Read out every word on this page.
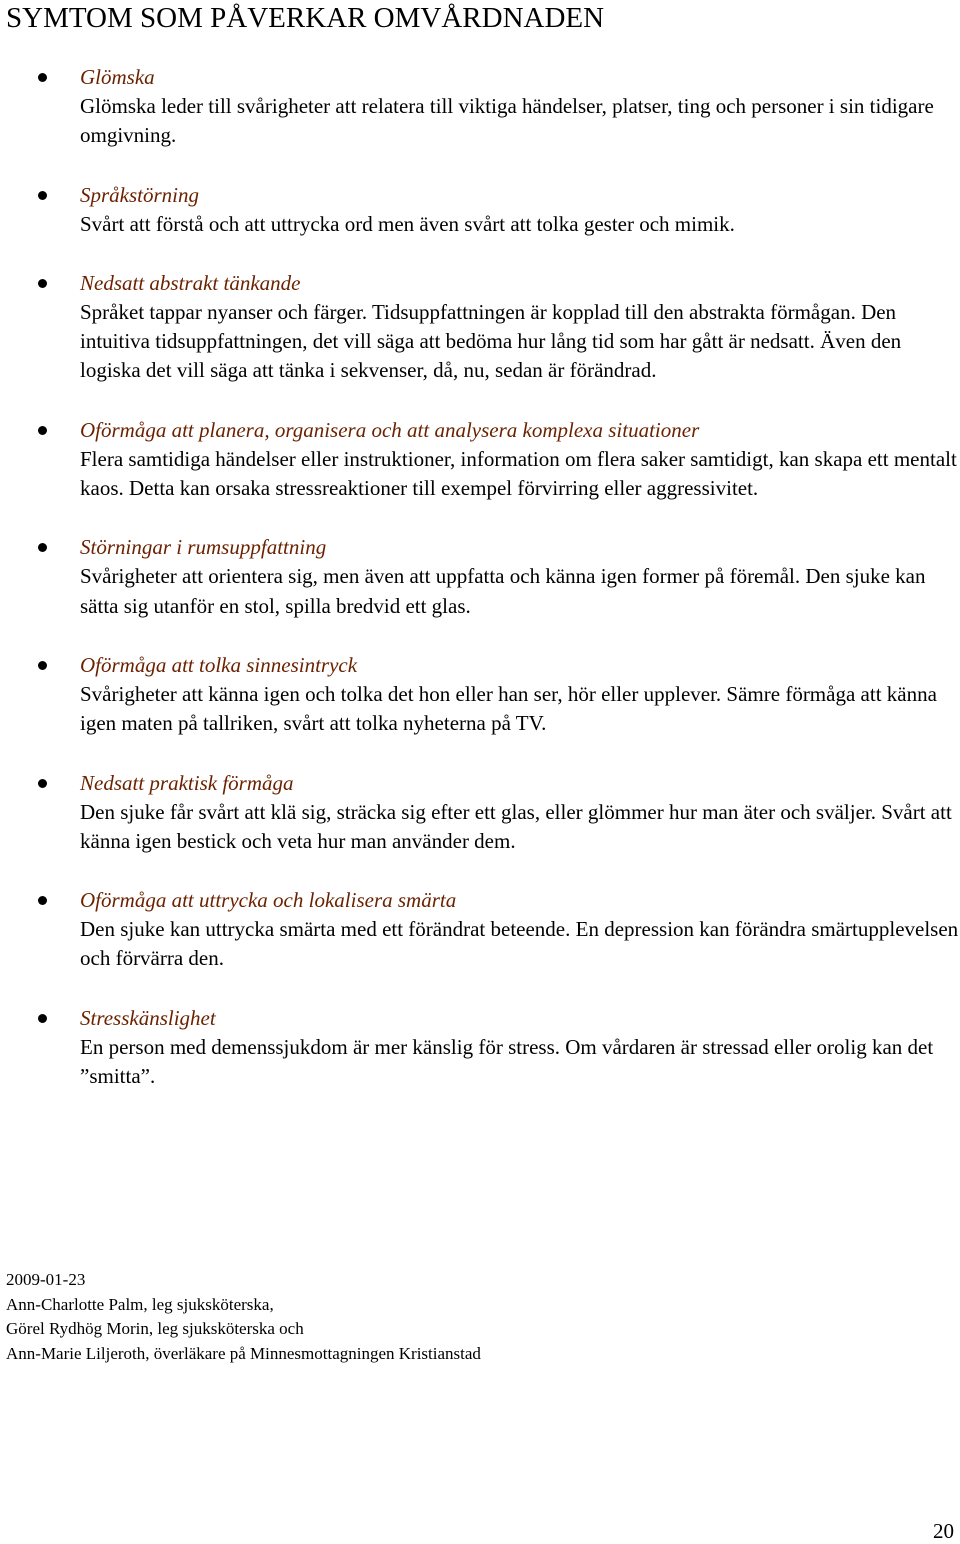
SYMTOM SOM PÅVERKAR OMVÅRDNADEN
Glömska
Glömska leder till svårigheter att relatera till viktiga händelser, platser, ting och personer i sin tidigare omgivning.
Språkstörning
Svårt att förstå och att uttrycka ord men även svårt att tolka gester och mimik.
Nedsatt abstrakt tänkande
Språket tappar nyanser och färger. Tidsuppfattningen är kopplad till den abstrakta förmågan. Den intuitiva tidsuppfattningen, det vill säga att bedöma hur lång tid som har gått är nedsatt. Även den logiska det vill säga att tänka i sekvenser, då, nu, sedan är förändrad.
Oförmåga att planera, organisera och att analysera komplexa situationer
Flera samtidiga händelser eller instruktioner, information om flera saker samtidigt, kan skapa ett mentalt kaos. Detta kan orsaka stressreaktioner till exempel förvirring eller aggressivitet.
Störningar i rumsuppfattning
Svårigheter att orientera sig, men även att uppfatta och känna igen former på föremål. Den sjuke kan sätta sig utanför en stol, spilla bredvid ett glas.
Oförmåga att tolka sinnesintryck
Svårigheter att känna igen och tolka det hon eller han ser, hör eller upplever. Sämre förmåga att känna igen maten på tallriken, svårt att tolka nyheterna på TV.
Nedsatt praktisk förmåga
Den sjuke får svårt att klä sig, sträcka sig efter ett glas, eller glömmer hur man äter och sväljer. Svårt att känna igen bestick och veta hur man använder dem.
Oförmåga att uttrycka och lokalisera smärta
Den sjuke kan uttrycka smärta med ett förändrat beteende. En depression kan förändra smärtupplevelsen och förvärra den.
Stresskänslighet
En person med demenssjukdom är mer känslig för stress. Om vårdaren är stressad eller orolig kan det ”smitta”.
2009-01-23
Ann-Charlotte Palm, leg sjuksköterska,
Görel Rydhög Morin, leg sjuksköterska och
Ann-Marie Liljeroth, överläkare på Minnesmottagningen Kristianstad
20
